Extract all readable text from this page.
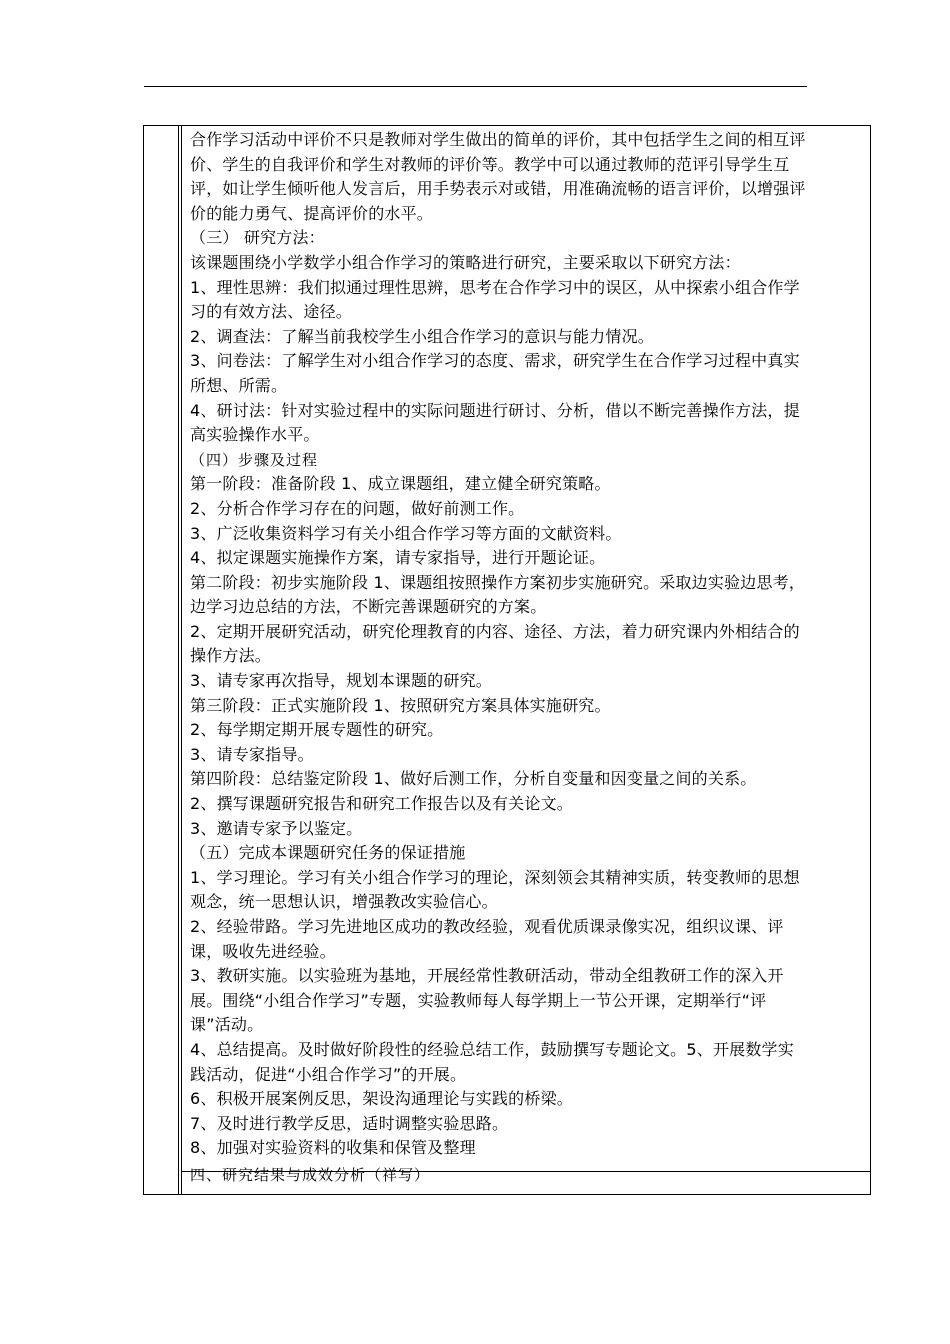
合作学习活动中评价不只是教师对学生做出的简单的评价，其中包括学生之间的相互评

价、学生的自我评价和学生对教师的评价等。教学中可以通过教师的范评引导学生互

评，如让学生倾听他人发言后，用手势表示对或错，用准确流畅的语言评价，以增强评

价的能力勇气、提高评价的水平。

（三） 研究方法：

该课题围绕小学数学小组合作学习的策略进行研究，主要采取以下研究方法：

1、理性思辨：我们拟通过理性思辨，思考在合作学习中的误区，从中探索小组合作学

习的有效方法、途径。

2、调查法：了解当前我校学生小组合作学习的意识与能力情况。

3、问卷法：了解学生对小组合作学习的态度、需求，研究学生在合作学习过程中真实

所想、所需。

4、研讨法：针对实验过程中的实际问题进行研讨、分析，借以不断完善操作方法，提

高实验操作水平。

（四）步骤及过程

第一阶段：准备阶段 1、成立课题组，建立健全研究策略。

2、分析合作学习存在的问题，做好前测工作。

3、广泛收集资料学习有关小组合作学习等方面的文献资料。

4、拟定课题实施操作方案，请专家指导，进行开题论证。

第二阶段：初步实施阶段 1、课题组按照操作方案初步实施研究。采取边实验边思考，

边学习边总结的方法，不断完善课题研究的方案。

2、定期开展研究活动，研究伦理教育的内容、途径、方法，着力研究课内外相结合的

操作方法。

3、请专家再次指导，规划本课题的研究。

第三阶段：正式实施阶段 1、按照研究方案具体实施研究。

2、每学期定期开展专题性的研究。

3、请专家指导。

第四阶段：总结鉴定阶段 1、做好后测工作，分析自变量和因变量之间的关系。

2、撰写课题研究报告和研究工作报告以及有关论文。

3、邀请专家予以鉴定。

（五）完成本课题研究任务的保证措施

1、学习理论。学习有关小组合作学习的理论，深刻领会其精神实质，转变教师的思想

观念，统一思想认识，增强教改实验信心。

2、经验带路。学习先进地区成功的教改经验，观看优质课录像实况，组织议课、评

课，吸收先进经验。

3、教研实施。以实验班为基地，开展经常性教研活动，带动全组教研工作的深入开

展。围绕“小组合作学习”专题，实验教师每人每学期上一节公开课，定期举行“评

课”活动。

4、总结提高。及时做好阶段性的经验总结工作，鼓励撰写专题论文。5、开展数学实

践活动，促进“小组合作学习”的开展。

6、积极开展案例反思，架设沟通理论与实践的桥梁。

7、及时进行教学反思，适时调整实验思路。

8、加强对实验资料的收集和保管及整理

四、研究结果与成效分析（祥写）
